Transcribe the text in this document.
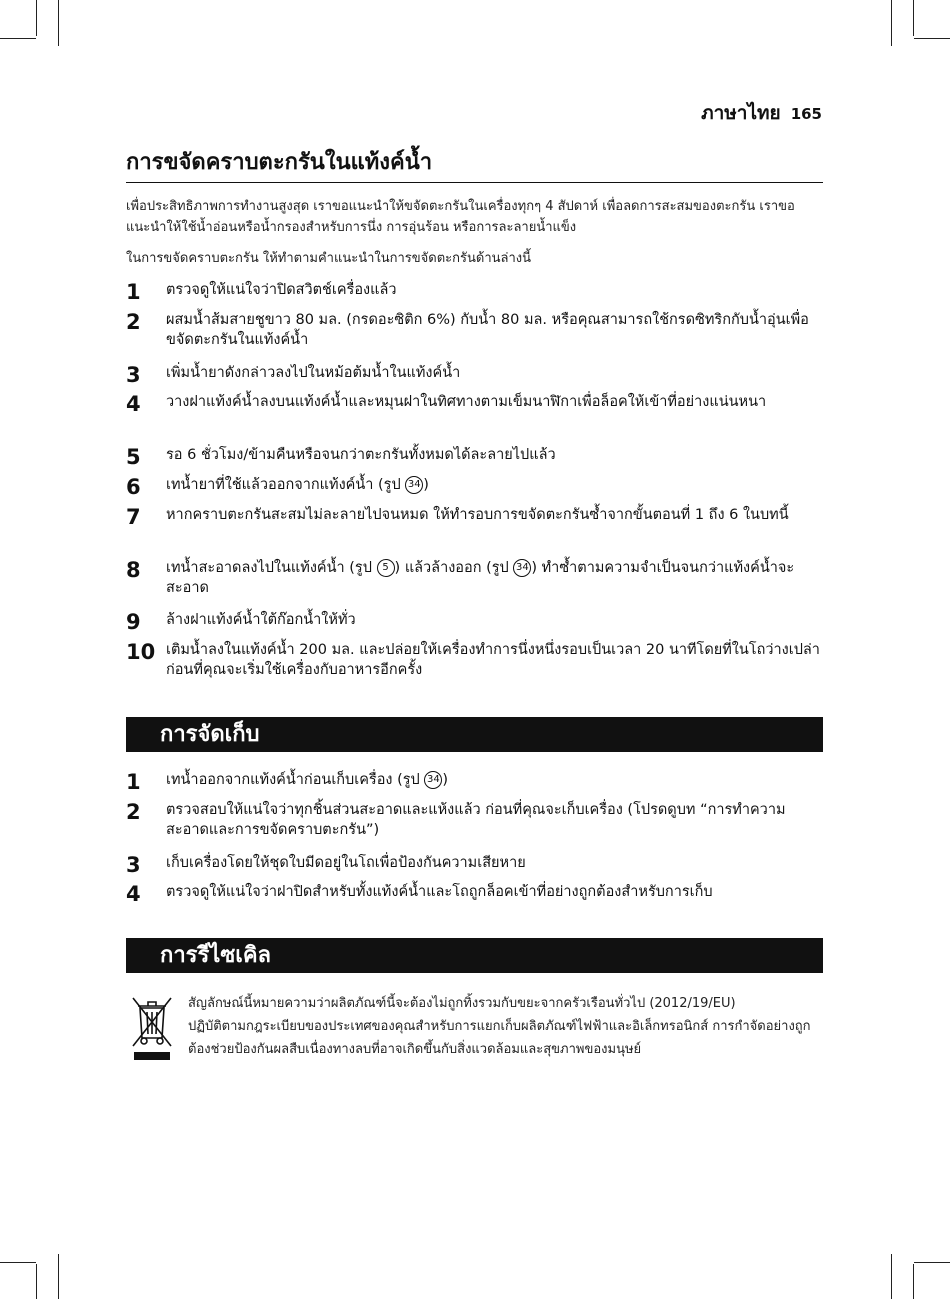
ภาษาไทย 165
การขจัดคราบตะกรันในแท้งค์น้ำ
เพื่อประสิทธิภาพการทำงานสูงสุด เราขอแนะนำให้ขจัดตะกรันในเครื่องทุกๆ 4 สัปดาห์ เพื่อลดการสะสมของตะกรัน เราขอแนะนำให้ใช้น้ำอ่อนหรือน้ำกรองสำหรับการนึ่ง การอุ่นร้อน หรือการละลายน้ำแข็ง
ในการขจัดคราบตะกรัน ให้ทำตามคำแนะนำในการขจัดตะกรันด้านล่างนี้
1 ตรวจดูให้แน่ใจว่าปิดสวิตช์เครื่องแล้ว
2 ผสมน้ำส้มสายชูขาว 80 มล. (กรดอะซิติก 6%) กับน้ำ 80 มล. หรือคุณสามารถใช้กรดซิทริกกับน้ำอุ่นเพื่อขจัดตะกรันในแท้งค์น้ำ
3 เพิ่มน้ำยาดังกล่าวลงไปในหม้อต้มน้ำในแท้งค์น้ำ
4 วางฝาแท้งค์น้ำลงบนแท้งค์น้ำและหมุนฝาในทิศทางตามเข็มนาฬิกาเพื่อล็อคให้เข้าที่อย่างแน่นหนา
5 รอ 6 ชั่วโมง/ข้ามคืนหรือจนกว่าตะกรันทั้งหมดได้ละลายไปแล้ว
6 เทน้ำยาที่ใช้แล้วออกจากแท้งค์น้ำ (รูป 34 )
7 หากคราบตะกรันสะสมไม่ละลายไปจนหมด ให้ทำรอบการขจัดตะกรันซ้ำจากขั้นตอนที่ 1 ถึง 6 ในบทนี้
8 เทน้ำสะอาดลงไปในแท้งค์น้ำ (รูป 5 ) แล้วล้างออก (รูป 34 ) ทำซ้ำตามความจำเป็นจนกว่าแท้งค์น้ำจะสะอาด
9 ล้างฝาแท้งค์น้ำใต้ก๊อกน้ำให้ทั่ว
10 เติมน้ำลงในแท้งค์น้ำ 200 มล. และปล่อยให้เครื่องทำการนึ่งหนึ่งรอบเป็นเวลา 20 นาทีโดยที่ในโถว่างเปล่า ก่อนที่คุณจะเริ่มใช้เครื่องกับอาหารอีกครั้ง
การจัดเก็บ
1 เทน้ำออกจากแท้งค์น้ำก่อนเก็บเครื่อง (รูป 34 )
2 ตรวจสอบให้แน่ใจว่าทุกชิ้นส่วนสะอาดและแห้งแล้ว ก่อนที่คุณจะเก็บเครื่อง (โปรดดูบท “การทำความสะอาดและการขจัดคราบตะกรัน”)
3 เก็บเครื่องโดยให้ชุดใบมีดอยู่ในโถเพื่อป้องกันความเสียหาย
4 ตรวจดูให้แน่ใจว่าฝาปิดสำหรับทั้งแท้งค์น้ำและโถถูกล็อคเข้าที่อย่างถูกต้องสำหรับการเก็บ
การรีไซเคิล

สัญลักษณ์นี้หมายความว่าผลิตภัณฑ์นี้จะต้องไม่ถูกทิ้งรวมกับขยะจากครัวเรือนทั่วไป (2012/19/EU)

ปฏิบัติตามกฎระเบียบของประเทศของคุณสำหรับการแยกเก็บผลิตภัณฑ์ไฟฟ้าและอิเล็กทรอนิกส์ การกำจัดอย่างถูกต้องช่วยป้องกันผลสืบเนื่องทางลบที่อาจเกิดขึ้นกับสิ่งแวดล้อมและสุขภาพของมนุษย์
